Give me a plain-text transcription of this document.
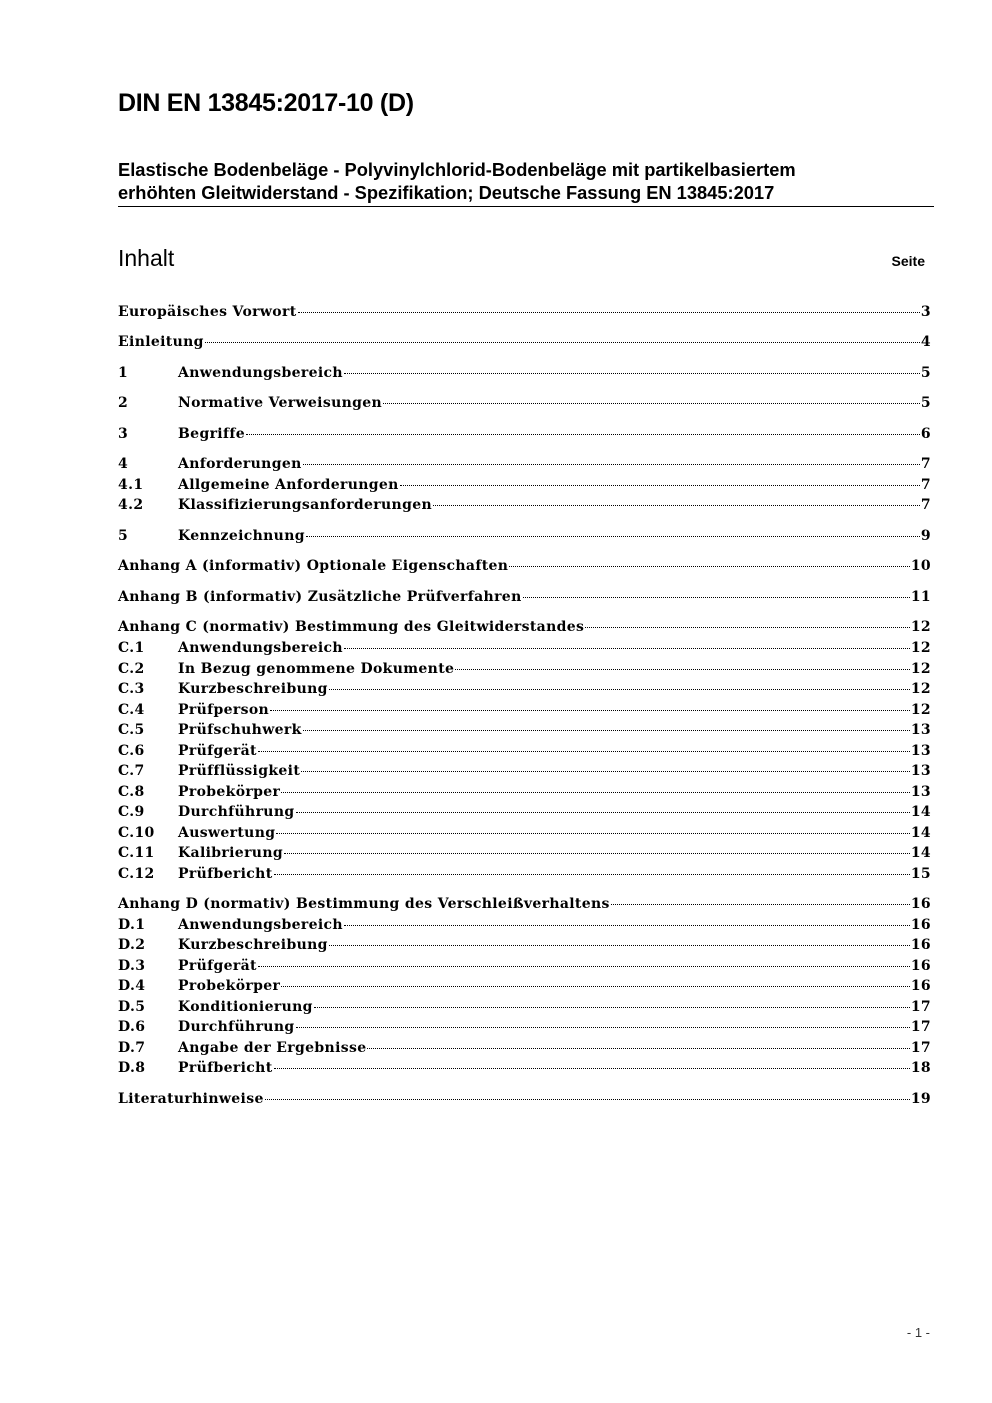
DIN EN 13845:2017-10 (D)
Elastische Bodenbeläge - Polyvinylchlorid-Bodenbeläge mit partikelbasiertem
erhöhten Gleitwiderstand - Spezifikation; Deutsche Fassung EN 13845:2017
Inhalt	Seite
Europäisches Vorwort	3
Einleitung	4
1	Anwendungsbereich	5
2	Normative Verweisungen	5
3	Begriffe	6
4	Anforderungen	7
4.1	Allgemeine Anforderungen	7
4.2	Klassifizierungsanforderungen	7
5	Kennzeichnung	9
Anhang A (informativ) Optionale Eigenschaften	10
Anhang B (informativ) Zusätzliche Prüfverfahren	11
Anhang C (normativ) Bestimmung des Gleitwiderstandes	12
C.1	Anwendungsbereich	12
C.2	In Bezug genommene Dokumente	12
C.3	Kurzbeschreibung	12
C.4	Prüfperson	12
C.5	Prüfschuhwerk	13
C.6	Prüfgerät	13
C.7	Prüfflüssigkeit	13
C.8	Probekörper	13
C.9	Durchführung	14
C.10	Auswertung	14
C.11	Kalibrierung	14
C.12	Prüfbericht	15
Anhang D (normativ) Bestimmung des Verschleißverhaltens	16
D.1	Anwendungsbereich	16
D.2	Kurzbeschreibung	16
D.3	Prüfgerät	16
D.4	Probekörper	16
D.5	Konditionierung	17
D.6	Durchführung	17
D.7	Angabe der Ergebnisse	17
D.8	Prüfbericht	18
Literaturhinweise	19
- 1 -
